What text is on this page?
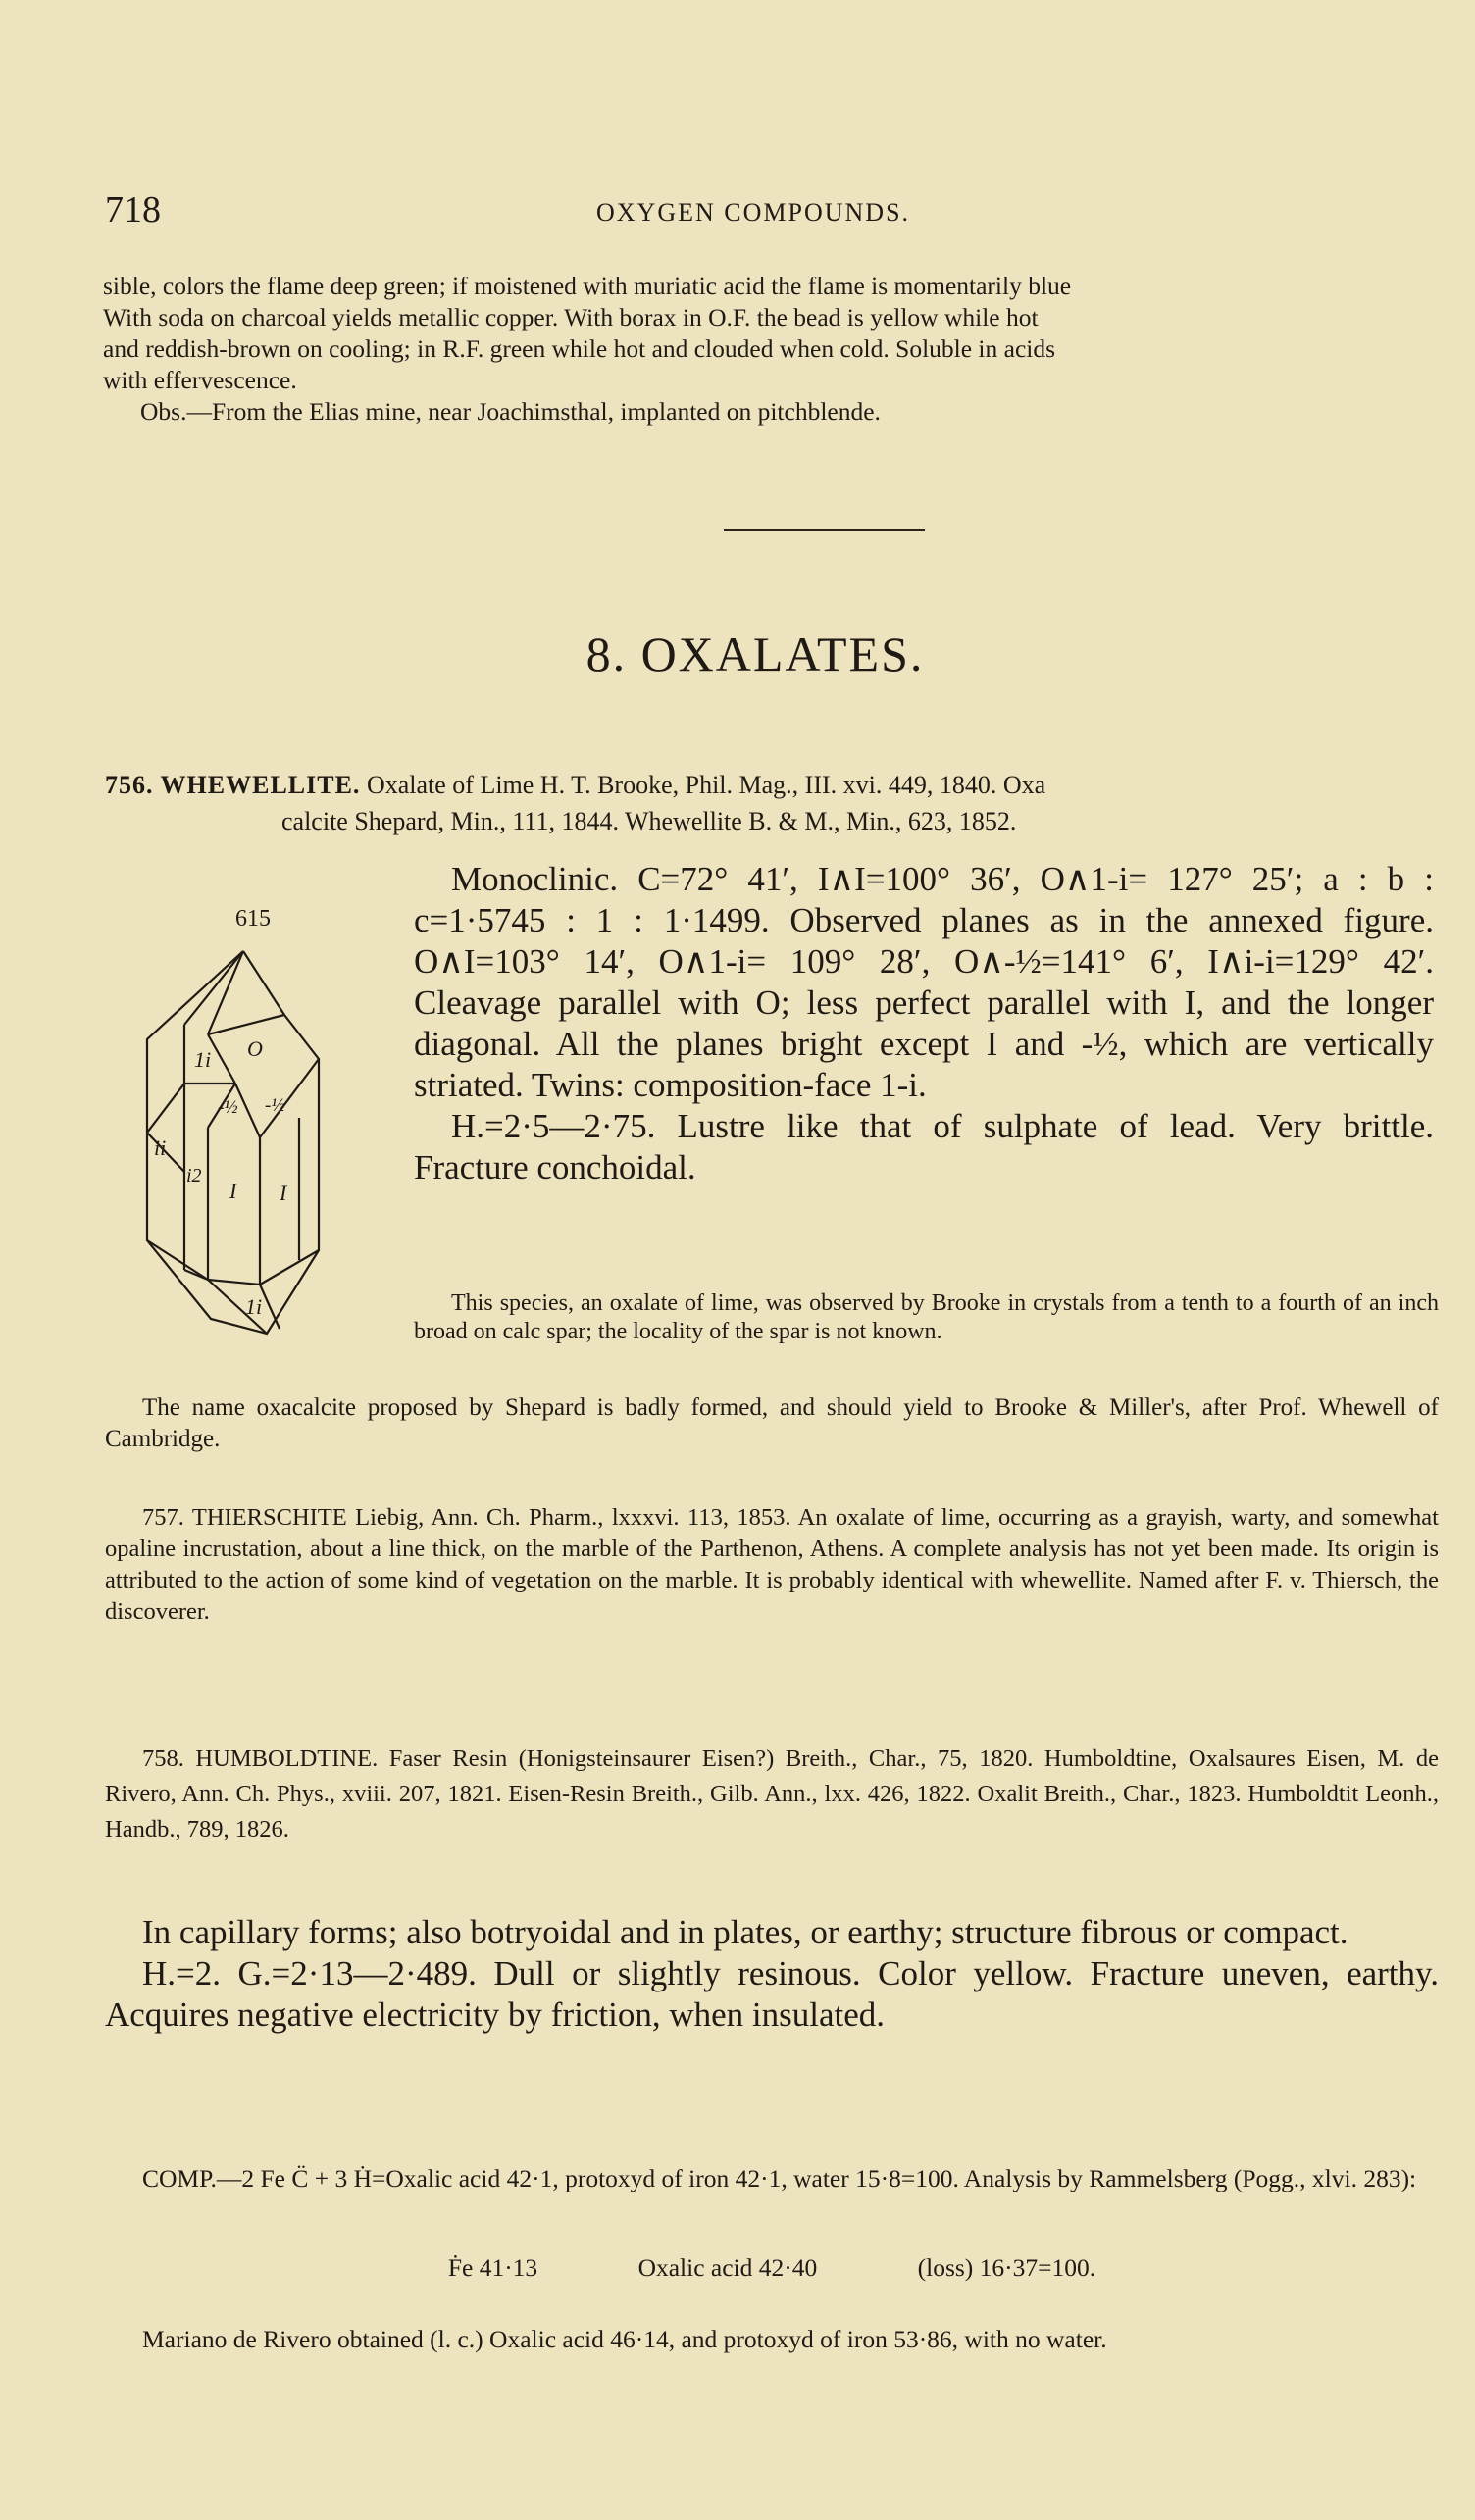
718	OXYGEN COMPOUNDS.

sible, colors the flame deep green; if moistened with muriatic acid the flame is momentarily blue

With soda on charcoal yields metallic copper. With borax in O.F. the bead is yellow while hot

and reddish-brown on cooling; in R.F. green while hot and clouded when cold. Soluble in acids

with effervescence.

Obs.—From the Elias mine, near Joachimsthal, implanted on pitchblende.

8. OXALATES.
756. WHEWELLITE. Oxalate of Lime H. T. Brooke, Phil. Mag., III. xvi. 449, 1840. Oxa
calcite Shepard, Min., 111, 1844. Whewellite B. & M., Min., 623, 1852.
615
O
1i
-½ -½
ii
i2
I I
1i

Monoclinic. C=72° 41′, I∧I=100° 36′, O∧1-i= 127° 25′; a : b : c=1·5745 : 1 : 1·1499. Observed planes as in the annexed figure. O∧I=103° 14′, O∧1-i= 109° 28′, O∧-½=141° 6′, I∧i-i=129° 42′. Cleavage parallel with O; less perfect parallel with I, and the longer diagonal. All the planes bright except I and -½, which are vertically striated. Twins: composition-face 1-i.

H.=2·5—2·75. Lustre like that of sulphate of lead. Very brittle. Fracture conchoidal.

This species, an oxalate of lime, was observed by Brooke in crystals from a tenth to a fourth of an inch broad on calc spar; the locality of the spar is not known.

The name oxacalcite proposed by Shepard is badly formed, and should yield to Brooke & Miller's, after Prof. Whewell of Cambridge.

757. THIERSCHITE Liebig, Ann. Ch. Pharm., lxxxvi. 113, 1853. An oxalate of lime, occurring as a grayish, warty, and somewhat opaline incrustation, about a line thick, on the marble of the Parthenon, Athens. A complete analysis has not yet been made. Its origin is attributed to the action of some kind of vegetation on the marble. It is probably identical with whewellite. Named after F. v. Thiersch, the discoverer.

758. HUMBOLDTINE. Faser Resin (Honigsteinsaurer Eisen?) Breith., Char., 75, 1820. Humboldtine, Oxalsaures Eisen, M. de Rivero, Ann. Ch. Phys., xviii. 207, 1821. Eisen-Resin Breith., Gilb. Ann., lxx. 426, 1822. Oxalit Breith., Char., 1823. Humboldtit Leonh., Handb., 789, 1826.

In capillary forms; also botryoidal and in plates, or earthy; structure fibrous or compact.

H.=2. G.=2·13—2·489. Dull or slightly resinous. Color yellow. Fracture uneven, earthy. Acquires negative electricity by friction, when insulated.

COMP.—2 Fe C̈ + 3 Ḣ=Oxalic acid 42·1, protoxyd of iron 42·1, water 15·8=100. Analysis by Rammelsberg (Pogg., xlvi. 283):

Ḟe 41·13	Oxalic acid 42·40	(loss) 16·37=100.

Mariano de Rivero obtained (l. c.) Oxalic acid 46·14, and protoxyd of iron 53·86, with no water.
